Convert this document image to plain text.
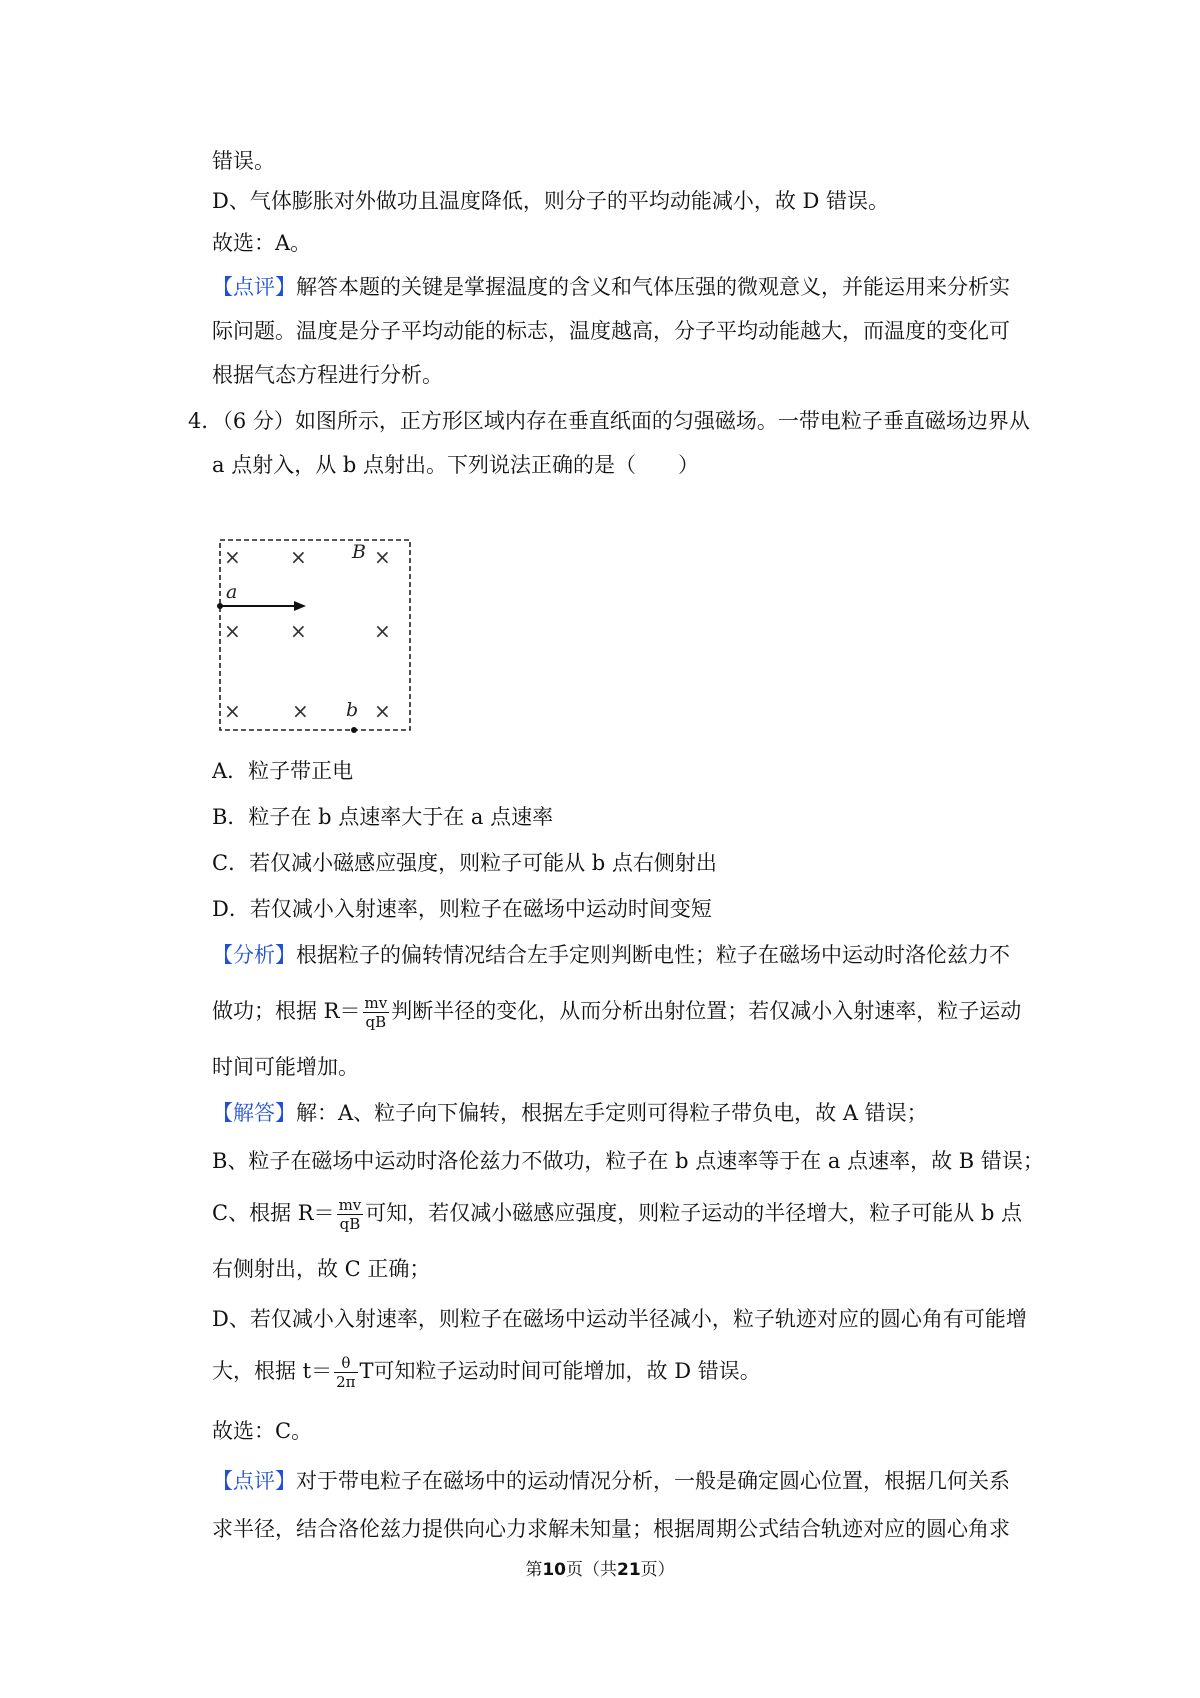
错误。
D、气体膨胀对外做功且温度降低，则分子的平均动能减小，故 D 错误。
故选：A。
【点评】解答本题的关键是掌握温度的含义和气体压强的微观意义，并能运用来分析实
际问题。温度是分子平均动能的标志，温度越高，分子平均动能越大，而温度的变化可
根据气态方程进行分析。
4．（6 分）如图所示，正方形区域内存在垂直纸面的匀强磁场。一带电粒子垂直磁场边界从
a 点射入，从 b 点射出。下列说法正确的是（　　）
× ×	×
× ×	×
×	×	×
B
a
b
A．粒子带正电
B．粒子在 b 点速率大于在 a 点速率
C．若仅减小磁感应强度，则粒子可能从 b 点右侧射出
D．若仅减小入射速率，则粒子在磁场中运动时间变短
【分析】根据粒子的偏转情况结合左手定则判断电性；粒子在磁场中运动时洛伦兹力不
做功；根据 $R= \frac{mv}{qB}$ 判断半径的变化，从而分析出射位置；若仅减小入射速率，粒子运动
时间可能增加。
【解答】解：A、粒子向下偏转，根据左手定则可得粒子带负电，故 A 错误；
B、粒子在磁场中运动时洛伦兹力不做功，粒子在 b 点速率等于在 a 点速率，故 B 错误；
C、根据 $R= \frac{mv}{qB}$ 可知，若仅减小磁感应强度，则粒子运动的半径增大，粒子可能从 b 点
右侧射出，故 C 正确；
D、若仅减小入射速率，则粒子在磁场中运动半径减小，粒子轨迹对应的圆心角有可能增
大，根据 $t= \frac{\theta}{2\pi}$ T可知粒子运动时间可能增加，故 D 错误。
故选：C。
【点评】对于带电粒子在磁场中的运动情况分析，一般是确定圆心位置，根据几何关系
求半径，结合洛伦兹力提供向心力求解未知量；根据周期公式结合轨迹对应的圆心角求
第10页（共21页）
